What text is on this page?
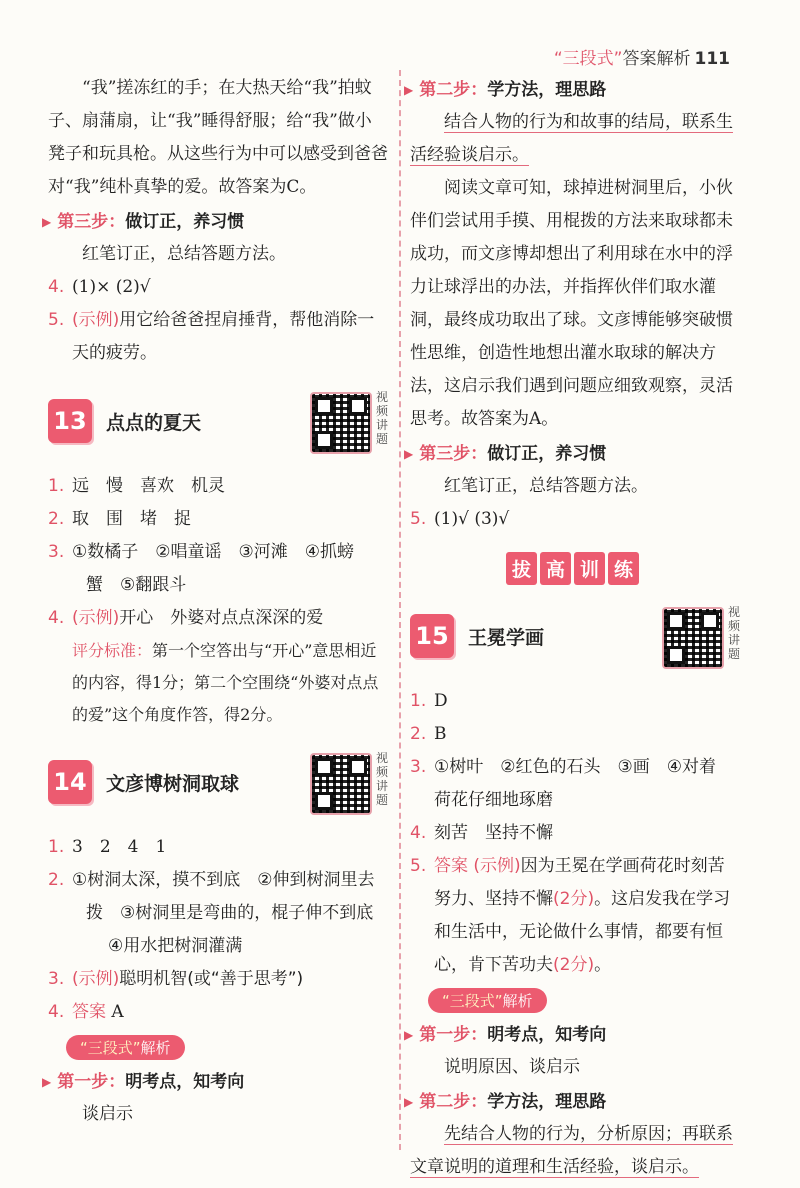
“三段式”答案解析 111
“我”搓冻红的手；在大热天给“我”拍蚊子、扇蒲扇，让“我”睡得舒服；给“我”做小凳子和玩具枪。从这些行为中可以感受到爸爸对“我”纯朴真挚的爱。故答案为C。
▶ 第三步： 做订正，养习惯
红笔订正，总结答题方法。
4. (1)× (2)√
5. (示例)用它给爸爸捏肩捶背，帮他消除一天的疲劳。
13 点点的夏天
视频讲题
1. 远　慢　喜欢　机灵
2. 取　围　堵　捉
3. ①数橘子　②唱童谣　③河滩　④抓螃
蟹　⑤翻跟斗
4. (示例)开心　外婆对点点深深的爱
评分标准：第一个空答出与“开心”意思相近的内容，得1分；第二个空围绕“外婆对点点的爱”这个角度作答，得2分。
14 文彦博树洞取球
视频讲题
1. 3　2　4　1
2. ①树洞太深，摸不到底　②伸到树洞里去
拨　③树洞里是弯曲的，棍子伸不到底
④用水把树洞灌满
3. (示例)聪明机智(或“善于思考”)
4. 答案 A
“三段式”解析
▶ 第一步： 明考点，知考向
谈启示
▶ 第二步： 学方法，理思路
结合人物的行为和故事的结局，联系生活经验谈启示。
阅读文章可知，球掉进树洞里后，小伙伴们尝试用手摸、用棍拨的方法来取球都未成功，而文彦博却想出了利用球在水中的浮力让球浮出的办法，并指挥伙伴们取水灌洞，最终成功取出了球。文彦博能够突破惯性思维，创造性地想出灌水取球的解决方法，这启示我们遇到问题应细致观察，灵活思考。故答案为A。
▶ 第三步： 做订正，养习惯
红笔订正，总结答题方法。
5. (1)√ (3)√
拔 高 训 练
15 王冕学画
视频讲题
1. D
2. B
3. ①树叶　②红色的石头　③画　④对着
荷花仔细地琢磨
4. 刻苦　坚持不懈
5. 答案 (示例)因为王冕在学画荷花时刻苦努力、坚持不懈(2分)。这启发我在学习和生活中，无论做什么事情，都要有恒心，肯下苦功夫(2分)。
“三段式”解析
▶ 第一步： 明考点，知考向
说明原因、谈启示
▶ 第二步： 学方法，理思路
先结合人物的行为，分析原因；再联系文章说明的道理和生活经验，谈启示。
